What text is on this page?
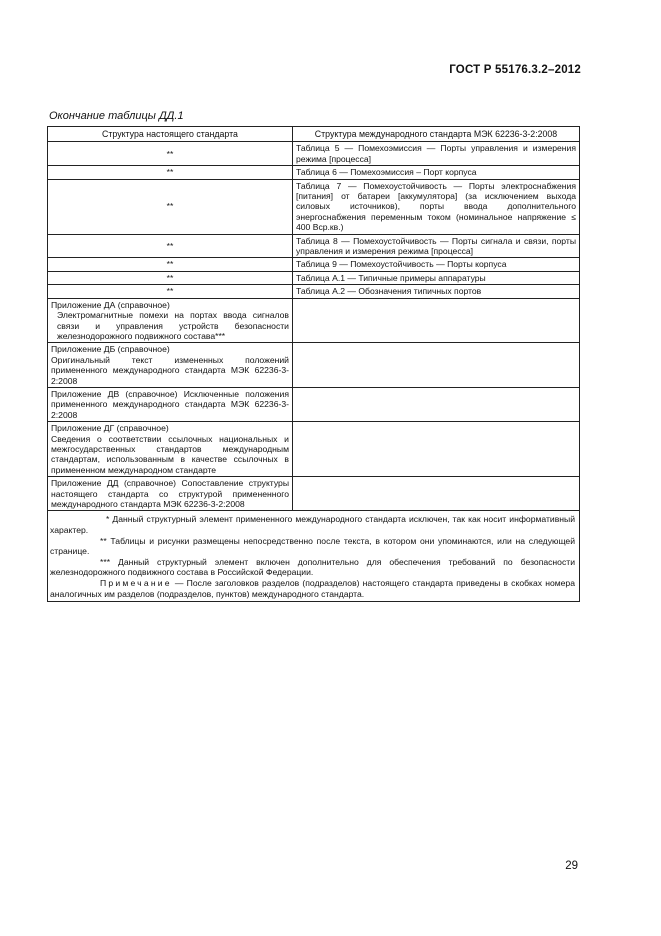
ГОСТ Р 55176.3.2–2012
Окончание таблицы ДД.1
Структура настоящего стандарта	Структура международного стандарта МЭК 62236-3-2:2008
**	Таблица 5 — Помехоэмиссия — Порты управления и измерения режима [процесса]
**	Таблица 6 — Помехоэмиссия – Порт корпуса
**	Таблица 7 — Помехоустойчивость — Порты электроснабжения [питания] от батареи [аккумулятора] (за исключением выхода силовых источников), порты ввода дополнительного энергоснабжения переменным током (номинальное напряжение ≤ 400 Вср.кв.)
**	Таблица 8 — Помехоустойчивость — Порты сигнала и связи, порты управления и измерения режима [процесса]
**	Таблица 9 — Помехоустойчивость — Порты корпуса
**	Таблица А.1 — Типичные примеры аппаратуры
**	Таблица А.2 — Обозначения типичных портов

Приложение ДА (справочное)
Электромагнитные помехи на портах ввода сигналов связи и управления устройств безопасности железнодорожного подвижного состава***	

Приложение ДБ (справочное)
Оригинальный текст измененных положений примененного международного стандарта МЭК 62236-3-2:2008	

Приложение ДВ (справочное) Исключенные положения примененного международного стандарта МЭК 62236-3-2:2008	

Приложение ДГ (справочное)
Сведения о соответствии ссылочных национальных и межгосударственных стандартов международным стандартам, использованным в качестве ссылочных в примененном международном стандарте	

Приложение ДД (справочное) Сопоставление структуры настоящего стандарта со структурой примененного международного стандарта МЭК 62236-3-2:2008	

* Данный структурный элемент примененного международного стандарта исключен, так как носит информативный характер.

** Таблицы и рисунки размещены непосредственно после текста, в котором они упоминаются, или на следующей странице.

*** Данный структурный элемент включен дополнительно для обеспечения требований по безопасности железнодорожного подвижного состава в Российской Федерации.

Примечание — После заголовков разделов (подразделов) настоящего стандарта приведены в скобках номера аналогичных им разделов (подразделов, пунктов) международного стандарта.	

29
